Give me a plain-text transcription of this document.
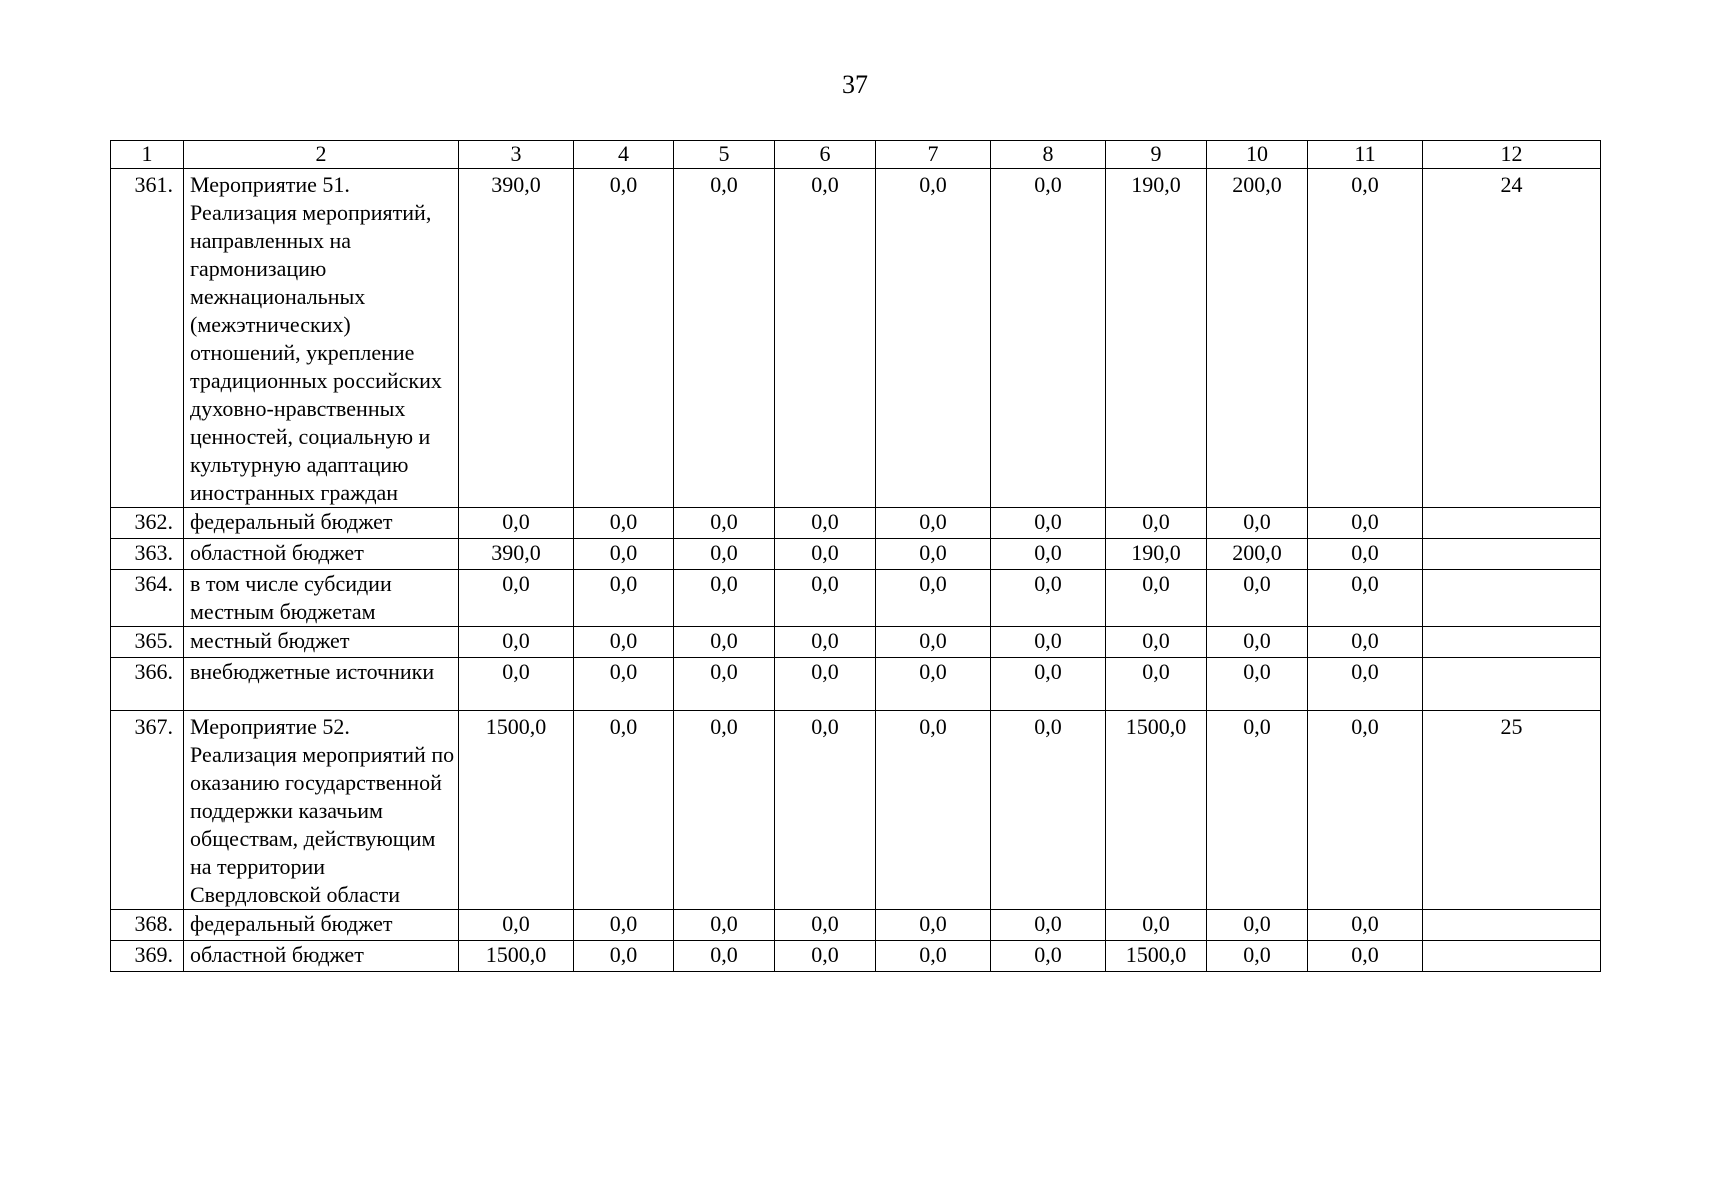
37
1	2	3	4	5	6	7	8	9	10	11	12
361.	Мероприятие 51. Реализация мероприятий, направленных на гармонизацию межнациональных (межэтнических) отношений, укрепление традиционных российских духовно-нравственных ценностей, социальную и культурную адаптацию иностранных граждан	390,0	0,0	0,0	0,0	0,0	0,0	190,0	200,0	0,0	24
362.	федеральный бюджет	0,0	0,0	0,0	0,0	0,0	0,0	0,0	0,0	0,0	
363.	областной бюджет	390,0	0,0	0,0	0,0	0,0	0,0	190,0	200,0	0,0	
364.	в том числе субсидии местным бюджетам	0,0	0,0	0,0	0,0	0,0	0,0	0,0	0,0	0,0	
365.	местный бюджет	0,0	0,0	0,0	0,0	0,0	0,0	0,0	0,0	0,0	
366.	внебюджетные источники	0,0	0,0	0,0	0,0	0,0	0,0	0,0	0,0	0,0	
367.	Мероприятие 52. Реализация мероприятий по оказанию государственной поддержки казачьим обществам, действующим на территории Свердловской области	1500,0	0,0	0,0	0,0	0,0	0,0	1500,0	0,0	0,0	25
368.	федеральный бюджет	0,0	0,0	0,0	0,0	0,0	0,0	0,0	0,0	0,0	
369.	областной бюджет	1500,0	0,0	0,0	0,0	0,0	0,0	1500,0	0,0	0,0	
